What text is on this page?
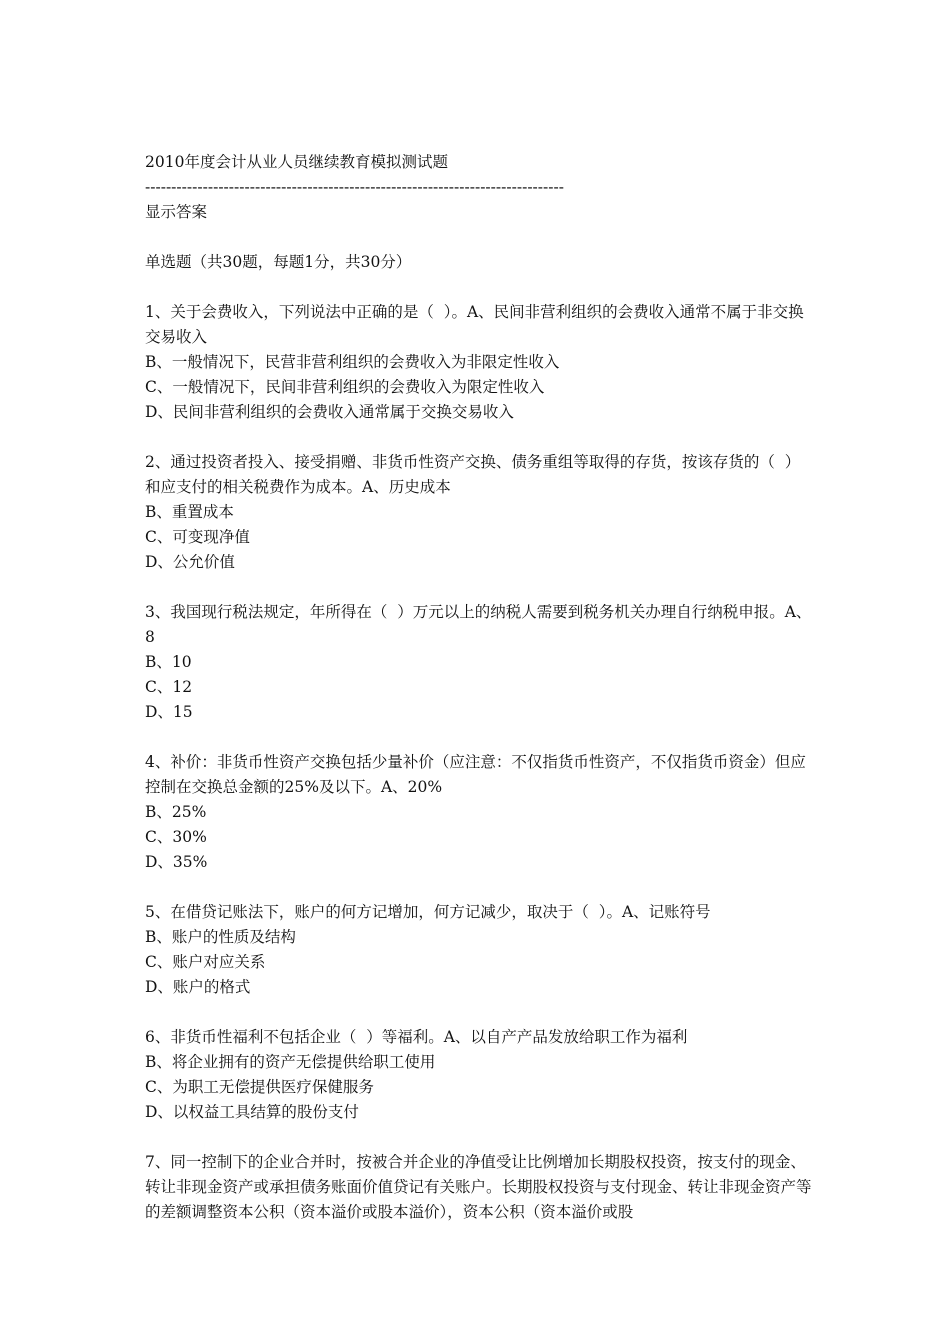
2010年度会计从业人员继续教育模拟测试题

--------------------------------------------------------------------------------

显示答案

单选题（共30题，每题1分，共30分）

1、关于会费收入，下列说法中正确的是（  ）。A、民间非营利组织的会费收入通常不属于非交换交易收入

B、一般情况下，民营非营利组织的会费收入为非限定性收入

C、一般情况下，民间非营利组织的会费收入为限定性收入

D、民间非营利组织的会费收入通常属于交换交易收入

2、通过投资者投入、接受捐赠、非货币性资产交换、债务重组等取得的存货，按该存货的（  ）和应支付的相关税费作为成本。A、历史成本

B、重置成本

C、可变现净值

D、公允价值

3、我国现行税法规定，年所得在（  ）万元以上的纳税人需要到税务机关办理自行纳税申报。A、8

B、10

C、12

D、15

4、补价：非货币性资产交换包括少量补价（应注意：不仅指货币性资产，不仅指货币资金）但应控制在交换总金额的25%及以下。A、20%

B、25%

C、30%

D、35%

5、在借贷记账法下，账户的何方记增加，何方记减少，取决于（  ）。A、记账符号

B、账户的性质及结构

C、账户对应关系

D、账户的格式

6、非货币性福利不包括企业（  ）等福利。A、以自产产品发放给职工作为福利

B、将企业拥有的资产无偿提供给职工使用

C、为职工无偿提供医疗保健服务

D、以权益工具结算的股份支付

7、同一控制下的企业合并时，按被合并企业的净值受让比例增加长期股权投资，按支付的现金、转让非现金资产或承担债务账面价值贷记有关账户。长期股权投资与支付现金、转让非现金资产等的差额调整资本公积（资本溢价或股本溢价），资本公积（资本溢价或股
